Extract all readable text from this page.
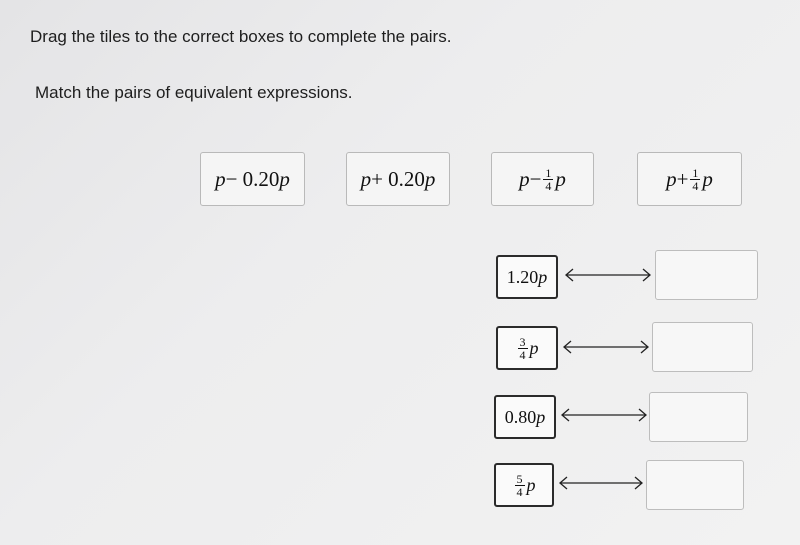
Drag the tiles to the correct boxes to complete the pairs.
Match the pairs of equivalent expressions.
p − 0.20 p	p + 0.20 p	$p - \frac{1}{4}$ p	$p + \frac{1}{4}$ p
1.20 p
$\frac{3}{4}$ p
0.80 p
$\frac{5}{4}$ p
